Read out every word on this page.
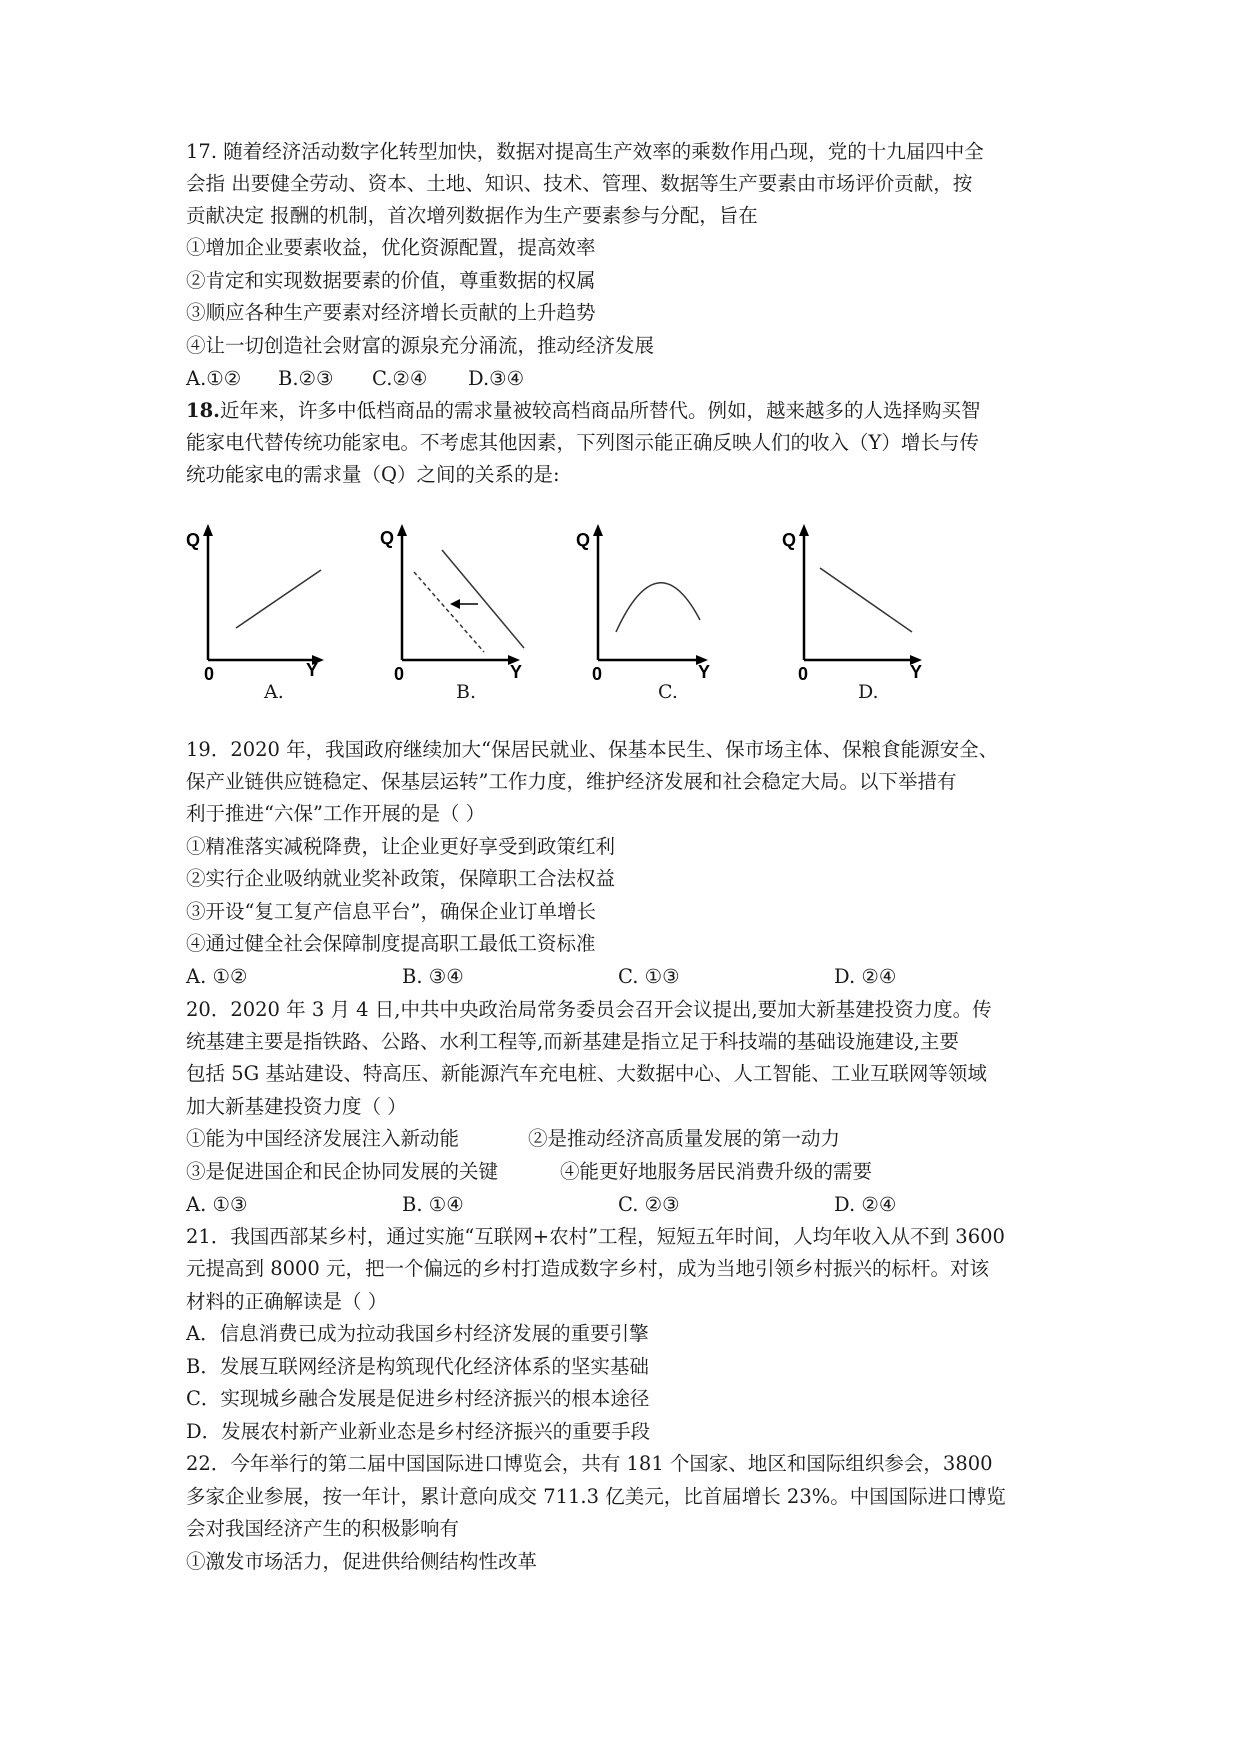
17. 随着经济活动数字化转型加快，数据对提高生产效率的乘数作用凸现，党的十九届四中全
会指 出要健全劳动、资本、土地、知识、技术、管理、数据等生产要素由市场评价贡献，按
贡献决定 报酬的机制，首次增列数据作为生产要素参与分配，旨在
①增加企业要素收益，优化资源配置，提高效率
②肯定和实现数据要素的价值，尊重数据的权属
③顺应各种生产要素对经济增长贡献的上升趋势
④让一切创造社会财富的源泉充分涌流，推动经济发展
A.①② B.②③ C.②④ D.③④
18.近年来，许多中低档商品的需求量被较高档商品所替代。例如，越来越多的人选择购买智
能家电代替传统功能家电。不考虑其他因素，下列图示能正确反映人们的收入（Y）增长与传
统功能家电的需求量（Q）之间的关系的是:
Q
Y
0
A.
Q
Y
0
B.
Q
Y
0
C.
Q
Y
0
D.
19．2020 年，我国政府继续加大“保居民就业、保基本民生、保市场主体、保粮食能源安全、
保产业链供应链稳定、保基层运转”工作力度，维护经济发展和社会稳定大局。以下举措有
利于推进“六保”工作开展的是（ ）
①精准落实减税降费，让企业更好享受到政策红利
②实行企业吸纳就业奖补政策，保障职工合法权益
③开设“复工复产信息平台”，确保企业订单增长
④通过健全社会保障制度提高职工最低工资标准
A. ①②	B. ③④	C. ①③	D. ②④
20．2020 年 3 月 4 日,中共中央政治局常务委员会召开会议提出,要加大新基建投资力度。传
统基建主要是指铁路、公路、水利工程等,而新基建是指立足于科技端的基础设施建设,主要
包括 5G 基站建设、特高压、新能源汽车充电桩、大数据中心、人工智能、工业互联网等领域
加大新基建投资力度（ ）
①能为中国经济发展注入新动能	②是推动经济高质量发展的第一动力
③是促进国企和民企协同发展的关键	④能更好地服务居民消费升级的需要
A. ①③	B. ①④	C. ②③	D. ②④
21．我国西部某乡村，通过实施“互联网+农村”工程，短短五年时间，人均年收入从不到 3600
元提高到 8000 元，把一个偏远的乡村打造成数字乡村，成为当地引领乡村振兴的标杆。对该
材料的正确解读是（ ）
A．信息消费已成为拉动我国乡村经济发展的重要引擎
B．发展互联网经济是构筑现代化经济体系的坚实基础
C．实现城乡融合发展是促进乡村经济振兴的根本途径
D．发展农村新产业新业态是乡村经济振兴的重要手段
22．今年举行的第二届中国国际进口博览会，共有 181 个国家、地区和国际组织参会，3800
多家企业参展，按一年计，累计意向成交 711.3 亿美元，比首届增长 23%。中国国际进口博览
会对我国经济产生的积极影响有
①激发市场活力，促进供给侧结构性改革
